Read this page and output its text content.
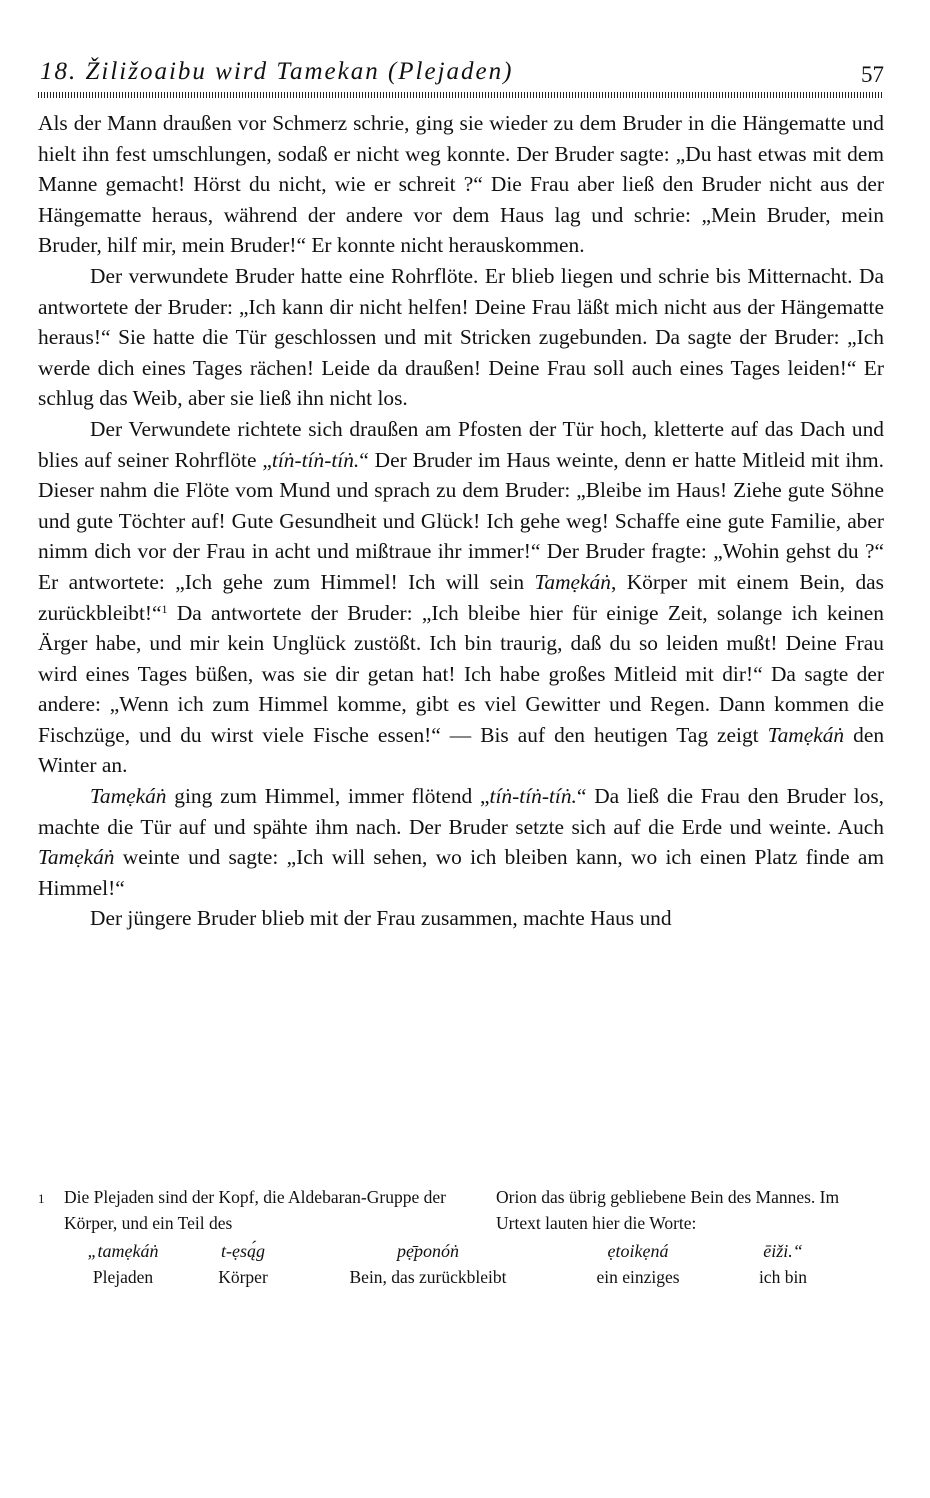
18. Žiližoaibu wird Tamekan (Plejaden)	57

Als der Mann draußen vor Schmerz schrie, ging sie wieder zu dem Bruder in die Hängematte und hielt ihn fest umschlungen, sodaß er nicht weg konnte. Der Bruder sagte: „Du hast etwas mit dem Manne gemacht! Hörst du nicht, wie er schreit ?“ Die Frau aber ließ den Bruder nicht aus der Hängematte heraus, während der andere vor dem Haus lag und schrie: „Mein Bruder, mein Bruder, hilf mir, mein Bruder!“ Er konnte nicht herauskommen.

Der verwundete Bruder hatte eine Rohrflöte. Er blieb liegen und schrie bis Mitternacht. Da antwortete der Bruder: „Ich kann dir nicht helfen! Deine Frau läßt mich nicht aus der Hängematte heraus!“ Sie hatte die Tür geschlossen und mit Stricken zugebunden. Da sagte der Bruder: „Ich werde dich eines Tages rächen! Leide da draußen! Deine Frau soll auch eines Tages leiden!“ Er schlug das Weib, aber sie ließ ihn nicht los.

Der Verwundete richtete sich draußen am Pfosten der Tür hoch, kletterte auf das Dach und blies auf seiner Rohrflöte „tíṅ-tíṅ-tíṅ.“ Der Bruder im Haus weinte, denn er hatte Mitleid mit ihm. Dieser nahm die Flöte vom Mund und sprach zu dem Bruder: „Bleibe im Haus! Ziehe gute Söhne und gute Töchter auf! Gute Gesundheit und Glück! Ich gehe weg! Schaffe eine gute Familie, aber nimm dich vor der Frau in acht und mißtraue ihr immer!“ Der Bruder fragte: „Wohin gehst du ?“ Er antwortete: „Ich gehe zum Himmel! Ich will sein Tamẹkáṅ, Körper mit einem Bein, das zurückbleibt!“$^1$ Da antwortete der Bruder: „Ich bleibe hier für einige Zeit, solange ich keinen Ärger habe, und mir kein Unglück zustößt. Ich bin traurig, daß du so leiden mußt! Deine Frau wird eines Tages büßen, was sie dir getan hat! Ich habe großes Mitleid mit dir!“ Da sagte der andere: „Wenn ich zum Himmel komme, gibt es viel Gewitter und Regen. Dann kommen die Fischzüge, und du wirst viele Fische essen!“ — Bis auf den heutigen Tag zeigt Tamẹkáṅ den Winter an.

Tamẹkáṅ ging zum Himmel, immer flötend „tíṅ-tíṅ-tíṅ.“ Da ließ die Frau den Bruder los, machte die Tür auf und spähte ihm nach. Der Bruder setzte sich auf die Erde und weinte. Auch Tamẹkáṅ weinte und sagte: „Ich will sehen, wo ich bleiben kann, wo ich einen Platz finde am Himmel!“

Der jüngere Bruder blieb mit der Frau zusammen, machte Haus und

1	Die Plejaden sind der Kopf, die Aldebaran-Gruppe der Körper, und ein Teil des
Orion das übrig gebliebene Bein des Mannes. Im Urtext lauten hier die Worte:
„tamẹkáṅ
Plejaden
t-ẹsą́g
Körper
pẹ̄ponóṅ
Bein, das zurückbleibt
ẹtoikẹná
ein einziges
ēiži.“
ich bin
